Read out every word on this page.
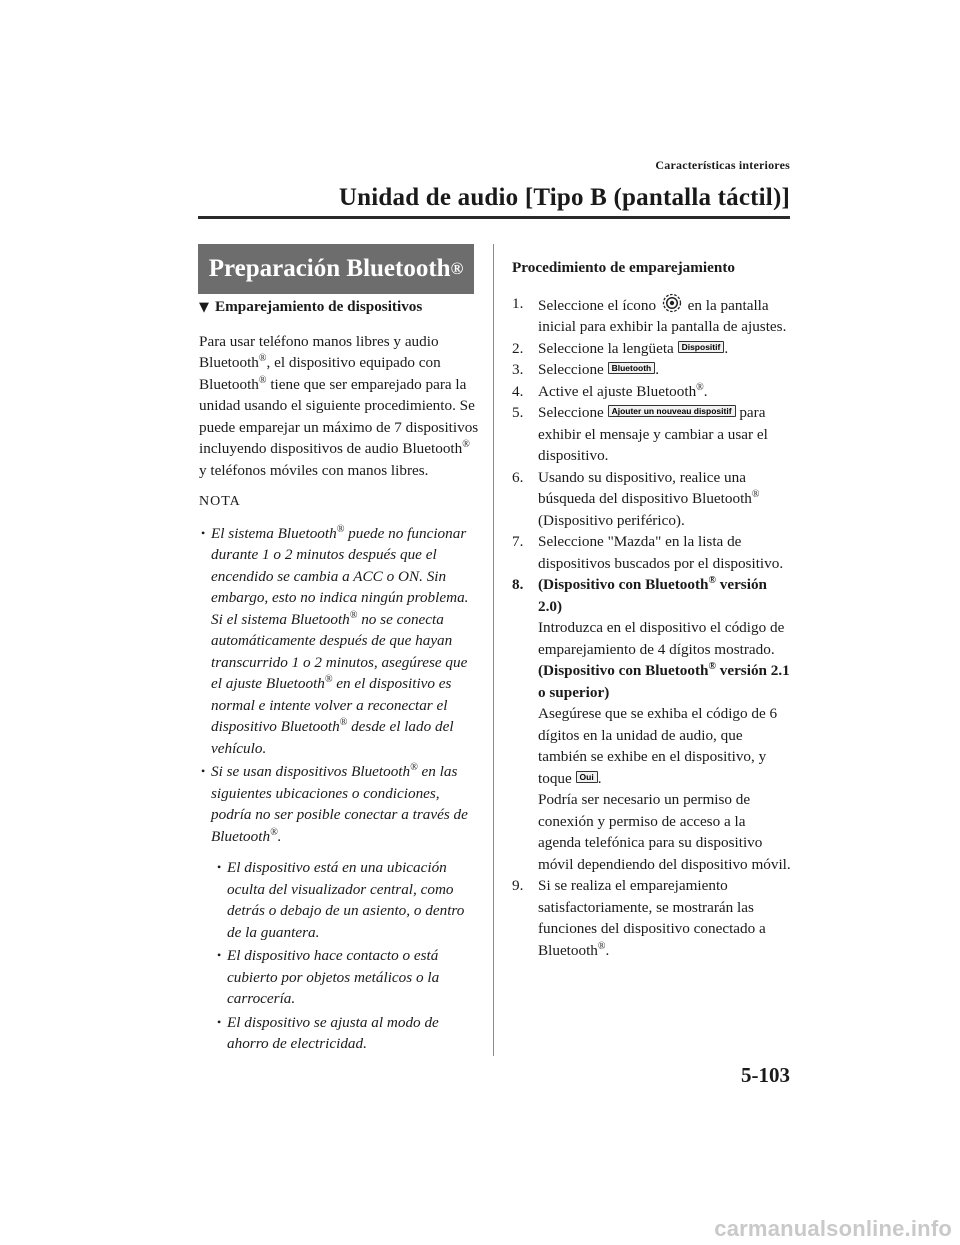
Características interiores
Unidad de audio [Tipo B (pantalla táctil)]
Preparación Bluetooth ®
▼ Emparejamiento de dispositivos

Para usar teléfono manos libres y audio Bluetooth®, el dispositivo equipado con Bluetooth® tiene que ser emparejado para la unidad usando el siguiente procedimiento. Se puede emparejar un máximo de 7 dispositivos incluyendo dispositivos de audio Bluetooth® y teléfonos móviles con manos libres.

NOTA
• El sistema Bluetooth® puede no funcionar durante 1 o 2 minutos después que el encendido se cambia a ACC o ON. Sin embargo, esto no indica ningún problema. Si el sistema Bluetooth® no se conecta automáticamente después de que hayan transcurrido 1 o 2 minutos, asegúrese que el ajuste Bluetooth® en el dispositivo es normal e intente volver a reconectar el dispositivo Bluetooth® desde el lado del vehículo.
• Si se usan dispositivos Bluetooth® en las siguientes ubicaciones o condiciones, podría no ser posible conectar a través de Bluetooth®.
• El dispositivo está en una ubicación oculta del visualizador central, como detrás o debajo de un asiento, o dentro de la guantera.
• El dispositivo hace contacto o está cubierto por objetos metálicos o la carrocería.
• El dispositivo se ajusta al modo de ahorro de electricidad.
Procedimiento de emparejamiento
1. Seleccione el ícono  en la pantalla inicial para exhibir la pantalla de ajustes.
2. Seleccione la lengüeta Dispositif .
3. Seleccione Bluetooth .
4. Active el ajuste Bluetooth®.
5. Seleccione Ajouter un nouveau dispositif para exhibir el mensaje y cambiar a usar el dispositivo.
6. Usando su dispositivo, realice una búsqueda del dispositivo Bluetooth® (Dispositivo periférico).
7. Seleccione "Mazda" en la lista de dispositivos buscados por el dispositivo.
8. (Dispositivo con Bluetooth® versión 2.0)
Introduzca en el dispositivo el código de emparejamiento de 4 dígitos mostrado.
(Dispositivo con Bluetooth® versión 2.1 o superior)
Asegúrese que se exhiba el código de 6 dígitos en la unidad de audio, que también se exhibe en el dispositivo, y toque Oui .
Podría ser necesario un permiso de conexión y permiso de acceso a la agenda telefónica para su dispositivo móvil dependiendo del dispositivo móvil.
9. Si se realiza el emparejamiento satisfactoriamente, se mostrarán las funciones del dispositivo conectado a Bluetooth®.
5-103
carmanualsonline.info
